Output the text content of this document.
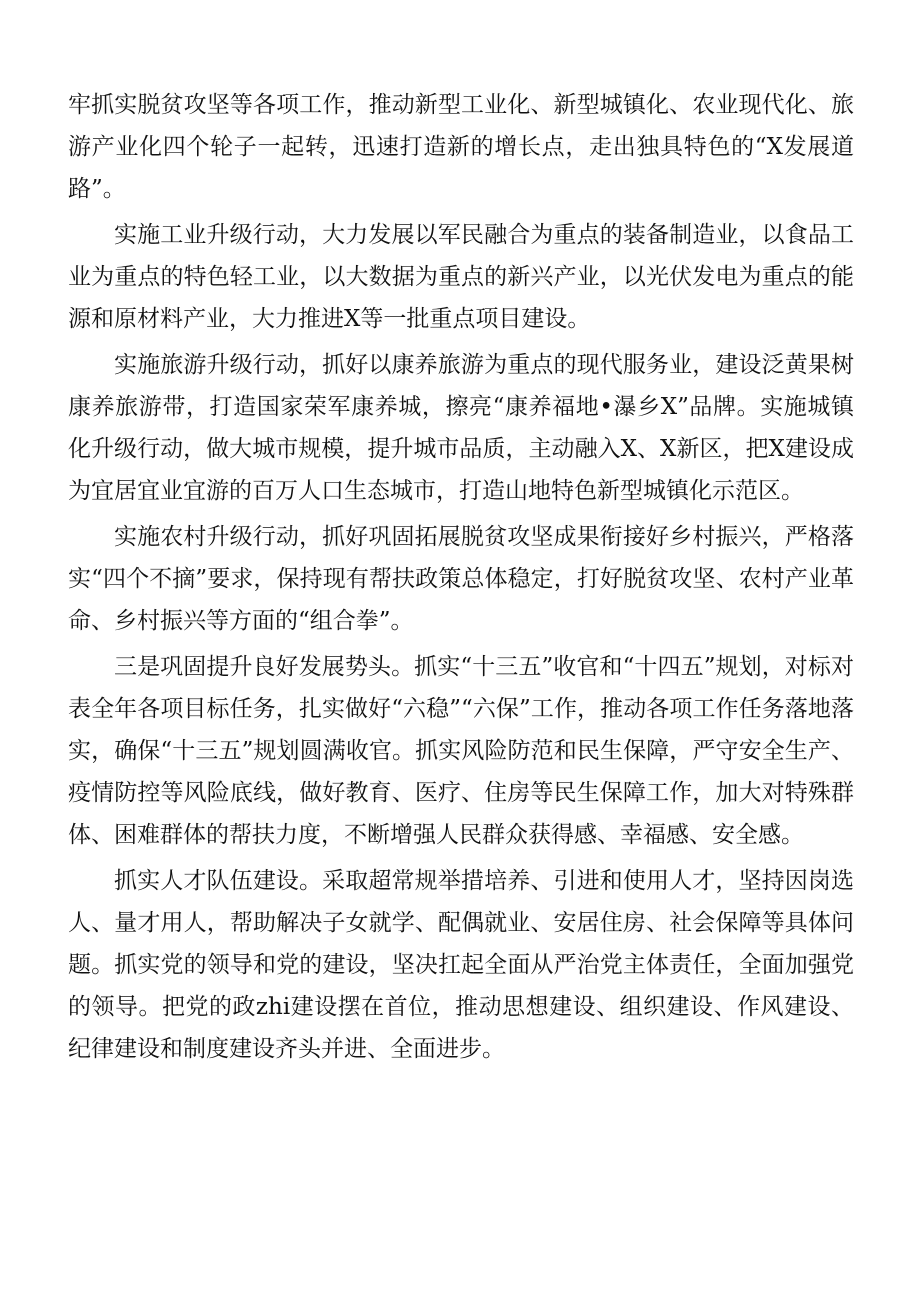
牢抓实脱贫攻坚等各项工作，推动新型工业化、新型城镇化、农业现代化、旅游产业化四个轮子一起转，迅速打造新的增长点，走出独具特色的“X发展道路”。

实施工业升级行动，大力发展以军民融合为重点的装备制造业，以食品工业为重点的特色轻工业，以大数据为重点的新兴产业，以光伏发电为重点的能源和原材料产业，大力推进X等一批重点项目建设。

实施旅游升级行动，抓好以康养旅游为重点的现代服务业，建设泛黄果树康养旅游带，打造国家荣军康养城，擦亮“康养福地•瀑乡X”品牌。实施城镇化升级行动，做大城市规模，提升城市品质，主动融入X、X新区，把X建设成为宜居宜业宜游的百万人口生态城市，打造山地特色新型城镇化示范区。

实施农村升级行动，抓好巩固拓展脱贫攻坚成果衔接好乡村振兴，严格落实“四个不摘”要求，保持现有帮扶政策总体稳定，打好脱贫攻坚、农村产业革命、乡村振兴等方面的“组合拳”。

三是巩固提升良好发展势头。抓实“十三五”收官和“十四五”规划，对标对表全年各项目标任务，扎实做好“六稳”“六保”工作，推动各项工作任务落地落实，确保“十三五”规划圆满收官。抓实风险防范和民生保障，严守安全生产、疫情防控等风险底线，做好教育、医疗、住房等民生保障工作，加大对特殊群体、困难群体的帮扶力度，不断增强人民群众获得感、幸福感、安全感。

抓实人才队伍建设。采取超常规举措培养、引进和使用人才，坚持因岗选人、量才用人，帮助解决子女就学、配偶就业、安居住房、社会保障等具体问题。抓实党的领导和党的建设，坚决扛起全面从严治党主体责任，全面加强党的领导。把党的政zhi建设摆在首位，推动思想建设、组织建设、作风建设、纪律建设和制度建设齐头并进、全面进步。
